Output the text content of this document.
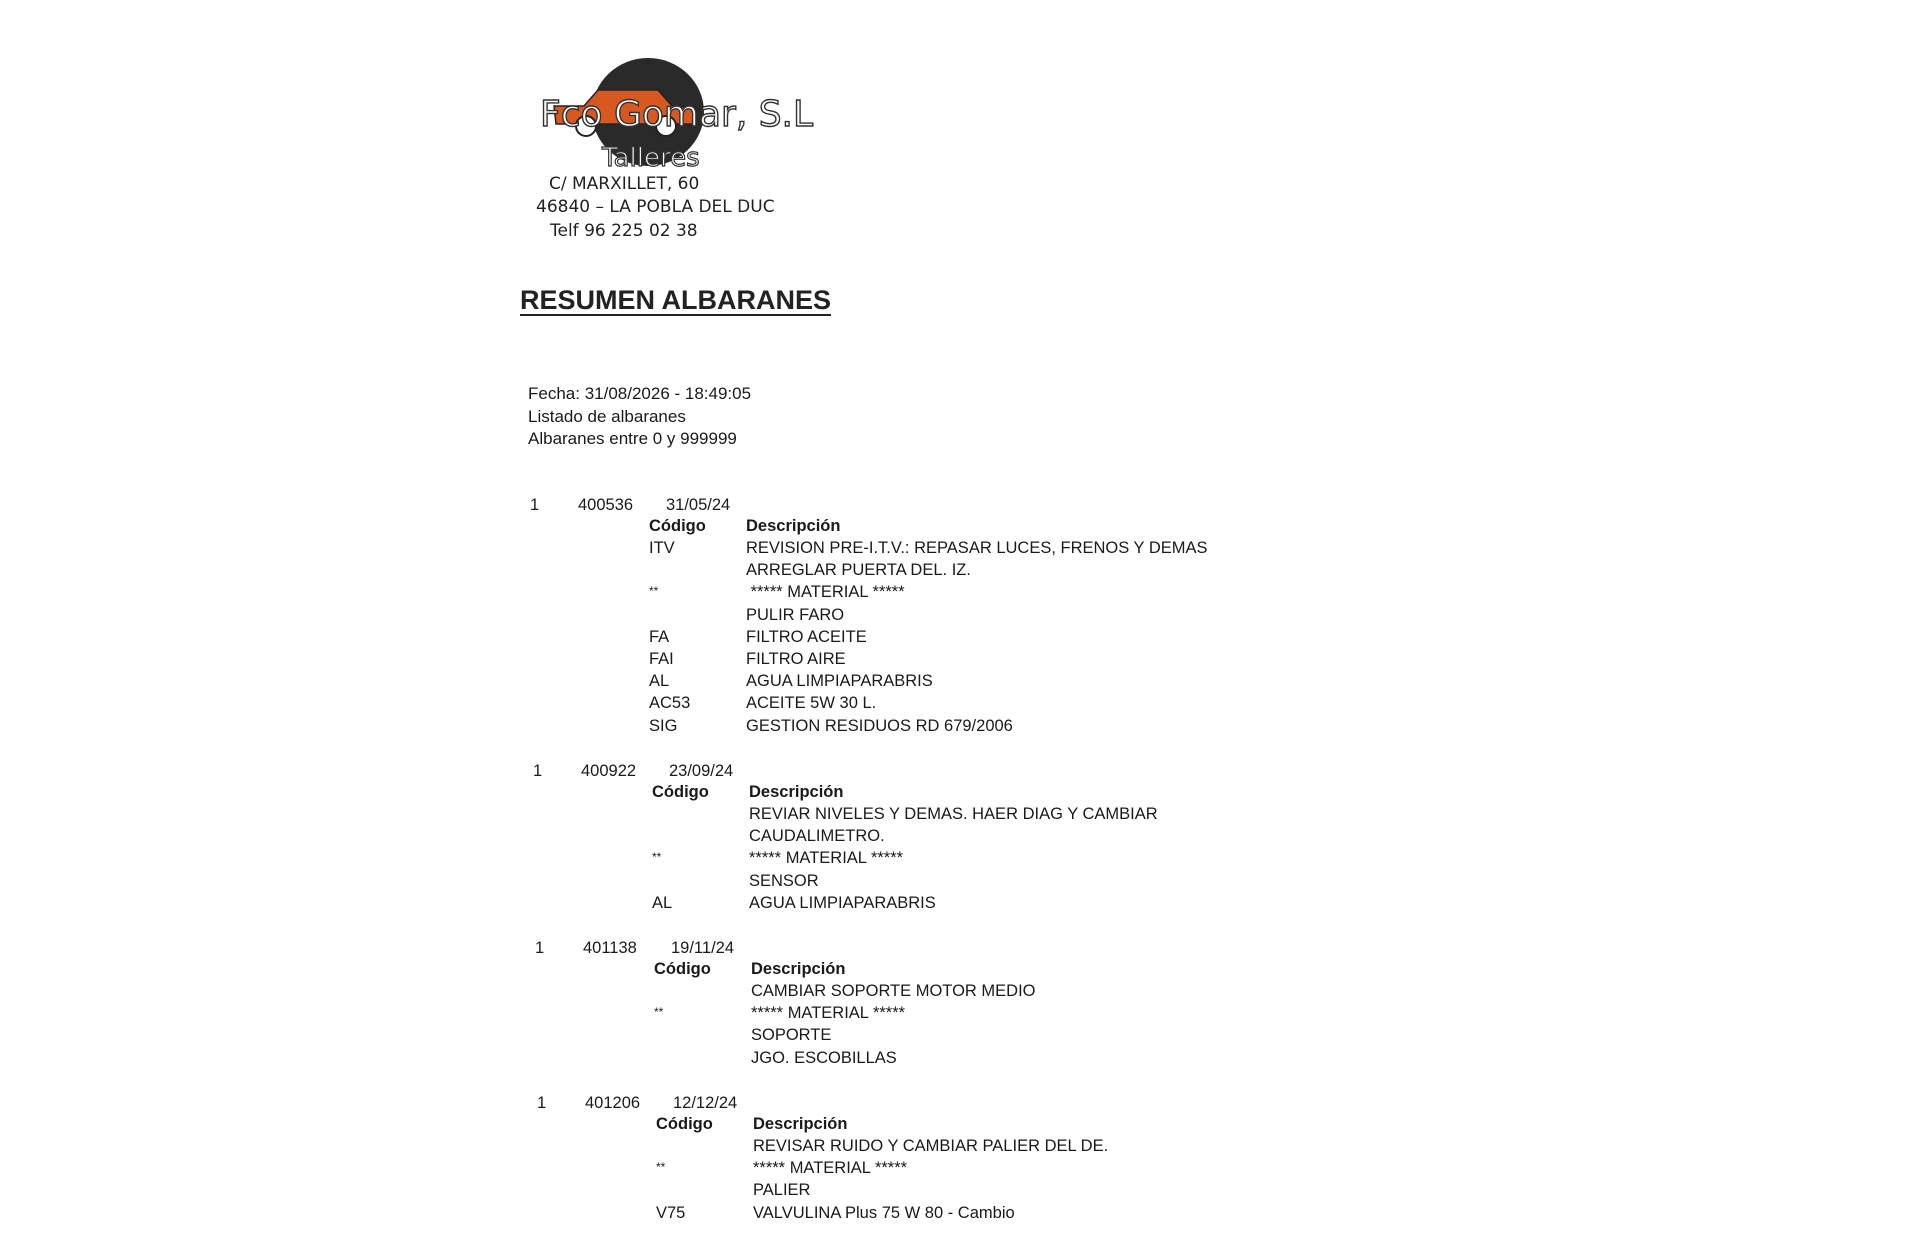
Fco Gomar, S.L
Talleres
C/ MARXILLET, 60
46840 – LA POBLA DEL DUC
Telf 96 225 02 38
RESUMEN ALBARANES
Fecha: 31/08/2026 - 18:49:05
Listado de albaranes
Albaranes entre 0 y 999999
1 400536 31/05/24
Código Descripción
ITV	REVISION PRE-I.T.V.: REPASAR LUCES, FRENOS Y DEMAS
ARREGLAR PUERTA DEL. IZ.
**	***** MATERIAL *****
PULIR FARO
FA	FILTRO ACEITE
FAI	FILTRO AIRE
AL	AGUA LIMPIAPARABRIS
AC53	ACEITE 5W 30 L.
SIG	GESTION RESIDUOS RD 679/2006
1 400922 23/09/24
Código Descripción
REVIAR NIVELES Y DEMAS. HAER DIAG Y CAMBIAR
CAUDALIMETRO.
**	***** MATERIAL *****
SENSOR
AL	AGUA LIMPIAPARABRIS
1 401138 19/11/24
Código Descripción
CAMBIAR SOPORTE MOTOR MEDIO
**	***** MATERIAL *****
SOPORTE
JGO. ESCOBILLAS
1 401206 12/12/24
Código Descripción
REVISAR RUIDO Y CAMBIAR PALIER DEL DE.
**	***** MATERIAL *****
PALIER
V75	VALVULINA Plus 75 W 80 - Cambio
